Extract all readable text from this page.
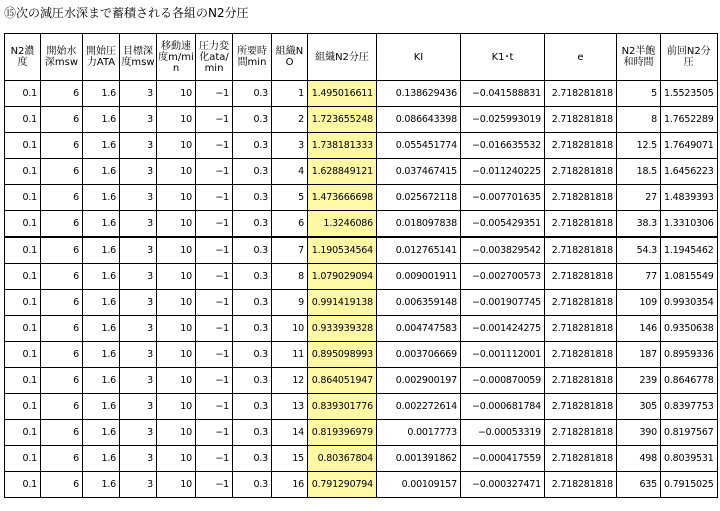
⑮次の減圧水深まで蓄積される各組のN2分圧
N2濃度	開始水深msw	開始圧力ATA	目標深度msw	移動速度m/min	圧力変化ata/min	所要時間min	組織NO	組織N2分圧	KI	K1･t	e	N2半飽和時間	前回N2分圧
0.1	6	1.6	3	10	−1	0.3	1	1.495016611	0.138629436	−0.041588831	2.718281818	5	1.5523505
0.1	6	1.6	3	10	−1	0.3	2	1.723655248	0.086643398	−0.025993019	2.718281818	8	1.7652289
0.1	6	1.6	3	10	−1	0.3	3	1.738181333	0.055451774	−0.016635532	2.718281818	12.5	1.7649071
0.1	6	1.6	3	10	−1	0.3	4	1.628849121	0.037467415	−0.011240225	2.718281818	18.5	1.6456223
0.1	6	1.6	3	10	−1	0.3	5	1.473666698	0.025672118	−0.007701635	2.718281818	27	1.4839393
0.1	6	1.6	3	10	−1	0.3	6	1.3246086	0.018097838	−0.005429351	2.718281818	38.3	1.3310306
0.1	6	1.6	3	10	−1	0.3	7	1.190534564	0.012765141	−0.003829542	2.718281818	54.3	1.1945462
0.1	6	1.6	3	10	−1	0.3	8	1.079029094	0.009001911	−0.002700573	2.718281818	77	1.0815549
0.1	6	1.6	3	10	−1	0.3	9	0.991419138	0.006359148	−0.001907745	2.718281818	109	0.9930354
0.1	6	1.6	3	10	−1	0.3	10	0.933939328	0.004747583	−0.001424275	2.718281818	146	0.9350638
0.1	6	1.6	3	10	−1	0.3	11	0.895098993	0.003706669	−0.001112001	2.718281818	187	0.8959336
0.1	6	1.6	3	10	−1	0.3	12	0.864051947	0.002900197	−0.000870059	2.718281818	239	0.8646778
0.1	6	1.6	3	10	−1	0.3	13	0.839301776	0.002272614	−0.000681784	2.718281818	305	0.8397753
0.1	6	1.6	3	10	−1	0.3	14	0.819396979	0.0017773	−0.00053319	2.718281818	390	0.8197567
0.1	6	1.6	3	10	−1	0.3	15	0.80367804	0.001391862	−0.000417559	2.718281818	498	0.8039531
0.1	6	1.6	3	10	−1	0.3	16	0.791290794	0.00109157	−0.000327471	2.718281818	635	0.7915025
